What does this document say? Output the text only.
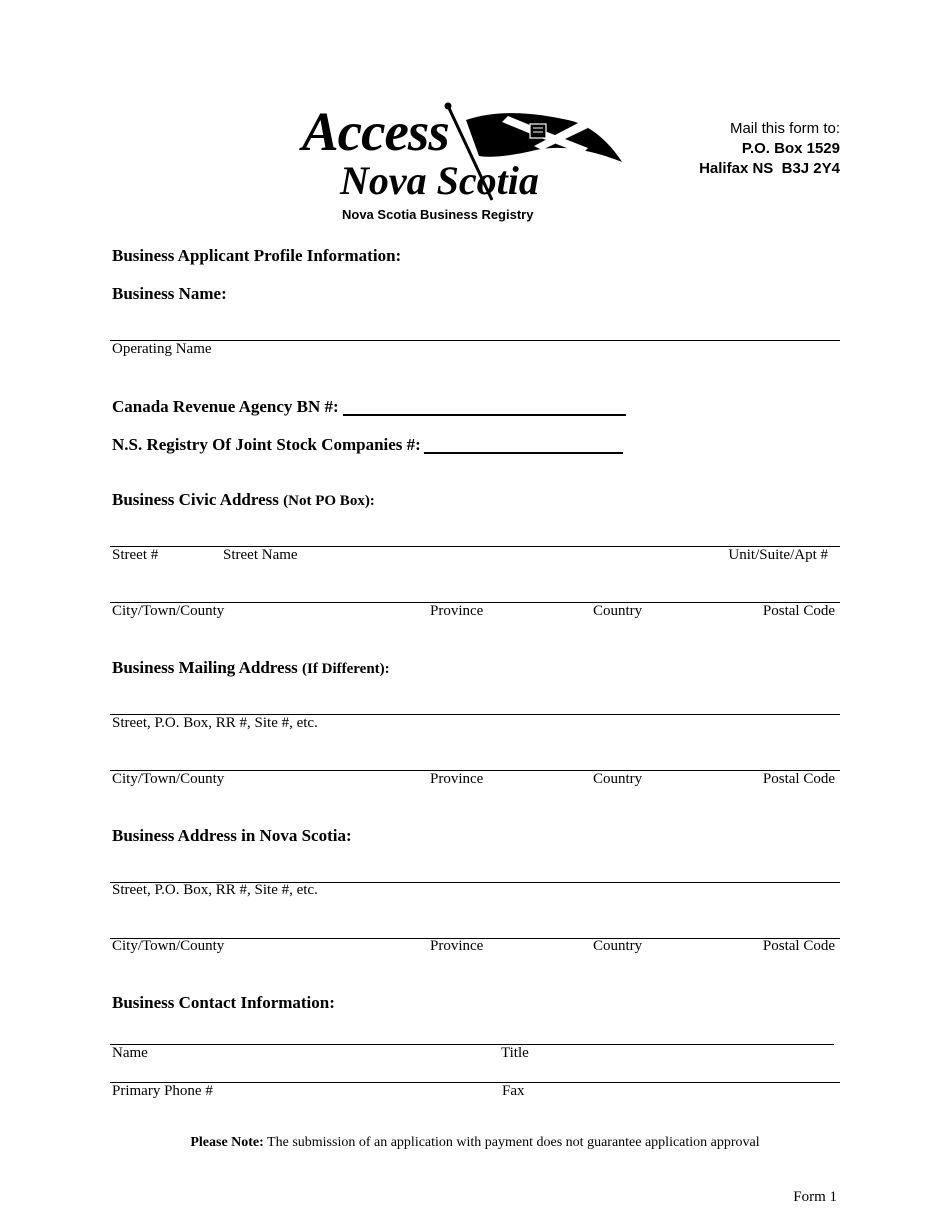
Access
Nova Scotia
Nova Scotia Business Registry
Mail this form to:
P.O. Box 1529
Halifax NS  B3J 2Y4
Business Applicant Profile Information:
Business Name:
Operating Name
Canada Revenue Agency BN #:
N.S. Registry Of Joint Stock Companies #:
Business Civic Address (Not PO Box):
Street #	Street Name	Unit/Suite/Apt #
City/Town/County	Province	Country	Postal Code
Business Mailing Address (If Different):
Street, P.O. Box, RR #, Site #, etc.
City/Town/County	Province	Country	Postal Code
Business Address in Nova Scotia:
Street, P.O. Box, RR #, Site #, etc.
City/Town/County	Province	Country	Postal Code
Business Contact Information:
Name	Title
Primary Phone #	Fax
Please Note: The submission of an application with payment does not guarantee application approval
Form 1
